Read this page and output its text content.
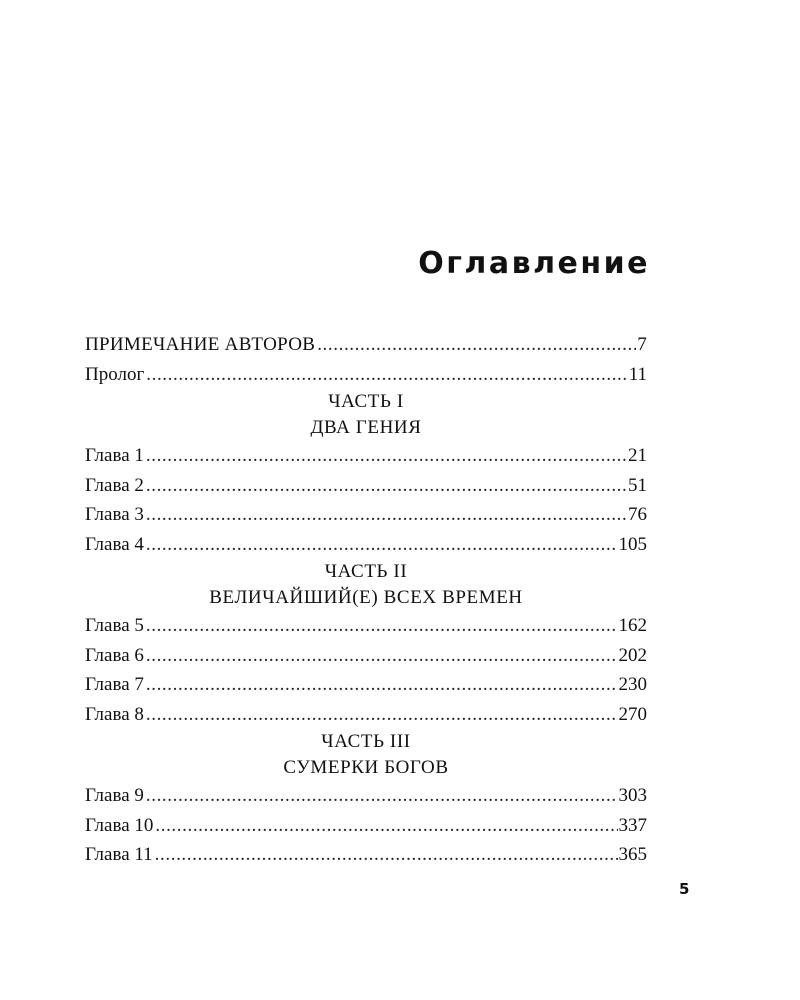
Оглавление
ПРИМЕЧАНИЕ АВТОРОВ .....	7
Пролог .....	11
ЧАСТЬ I
ДВА ГЕНИЯ
Глава 1 .....	21
Глава 2 .....	51
Глава 3 .....	76
Глава 4 .....	105
ЧАСТЬ II
ВЕЛИЧАЙШИЙ(Е) ВСЕХ ВРЕМЕН
Глава 5 .....	162
Глава 6 .....	202
Глава 7 .....	230
Глава 8 .....	270
ЧАСТЬ III
СУМЕРКИ БОГОВ
Глава 9 .....	303
Глава 10 .....	337
Глава 11 .....	365
5
